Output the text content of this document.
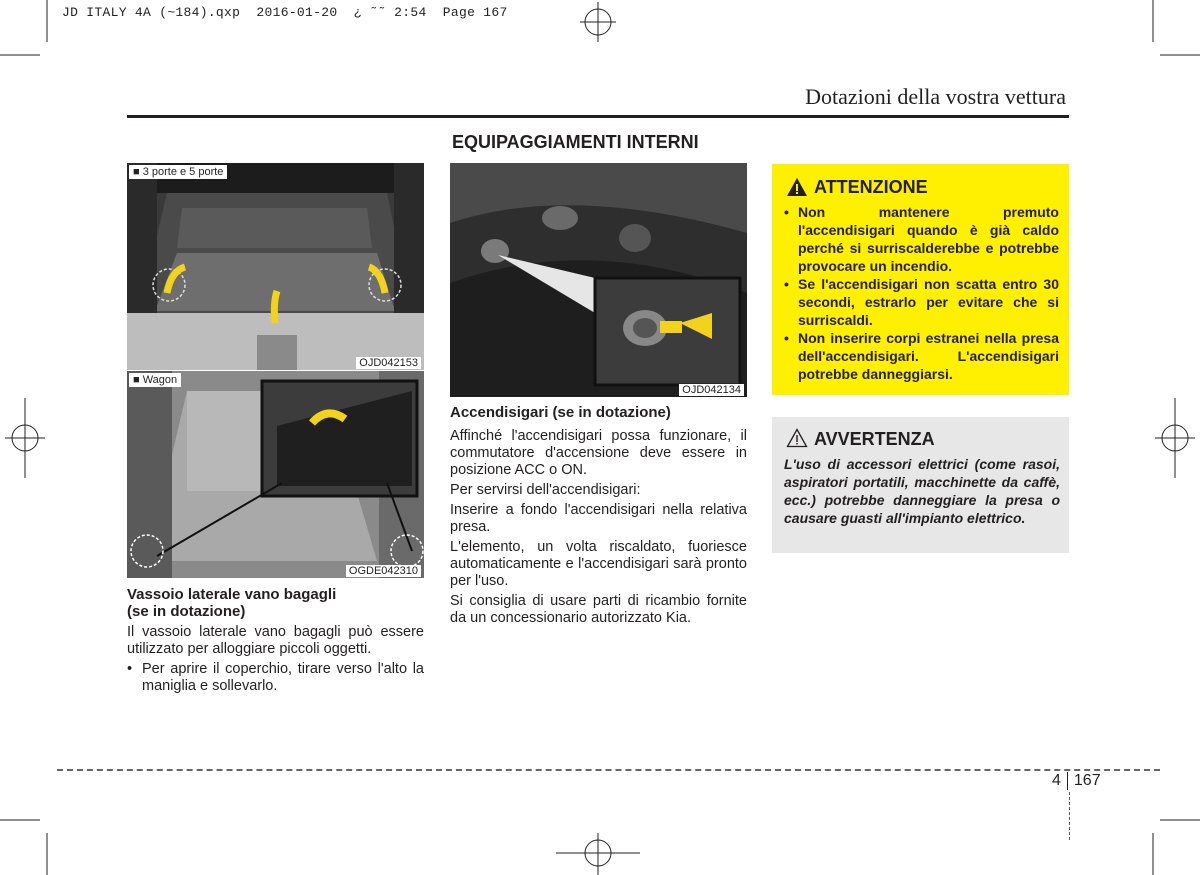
JD ITALY 4A (~184).qxp  2016-01-20  ¿ ˜˜ 2:54  Page 167
Dotazioni della vostra vettura
EQUIPAGGIAMENTI INTERNI
■ 3 porte e 5 porte
OJD042153
■ Wagon
OGDE042310
Vassoio laterale vano bagagli
(se in dotazione)

Il vassoio laterale vano bagagli può essere utilizzato per alloggiare piccoli oggetti.

• Per aprire il coperchio, tirare verso l'alto la maniglia e sollevarlo.

OJD042134
Accendisigari (se in dotazione)

Affinché l'accendisigari possa funzionare, il commutatore d'accensione deve essere in posizione ACC o ON.

Per servirsi dell'accendisigari:

Inserire a fondo l'accendisigari nella relativa presa.

L'elemento, un volta riscaldato, fuoriesce automaticamente e l'accendisigari sarà pronto per l'uso.

Si consiglia di usare parti di ricambio fornite da un concessionario autorizzato Kia.

ATTENZIONE

• Non mantenere premuto l'accendisigari quando è già caldo perché si surriscalderebbe e potrebbe provocare un incendio.

• Se l'accendisigari non scatta entro 30 secondi, estrarlo per evitare che si surriscaldi.

• Non inserire corpi estranei nella presa dell'accendisigari. L'accendisigari potrebbe danneggiarsi.

AVVERTENZA
L'uso di accessori elettrici (come rasoi, aspiratori portatili, macchinette da caffè, ecc.) potrebbe danneggiare la presa o causare guasti all'impianto elettrico.
4 167
